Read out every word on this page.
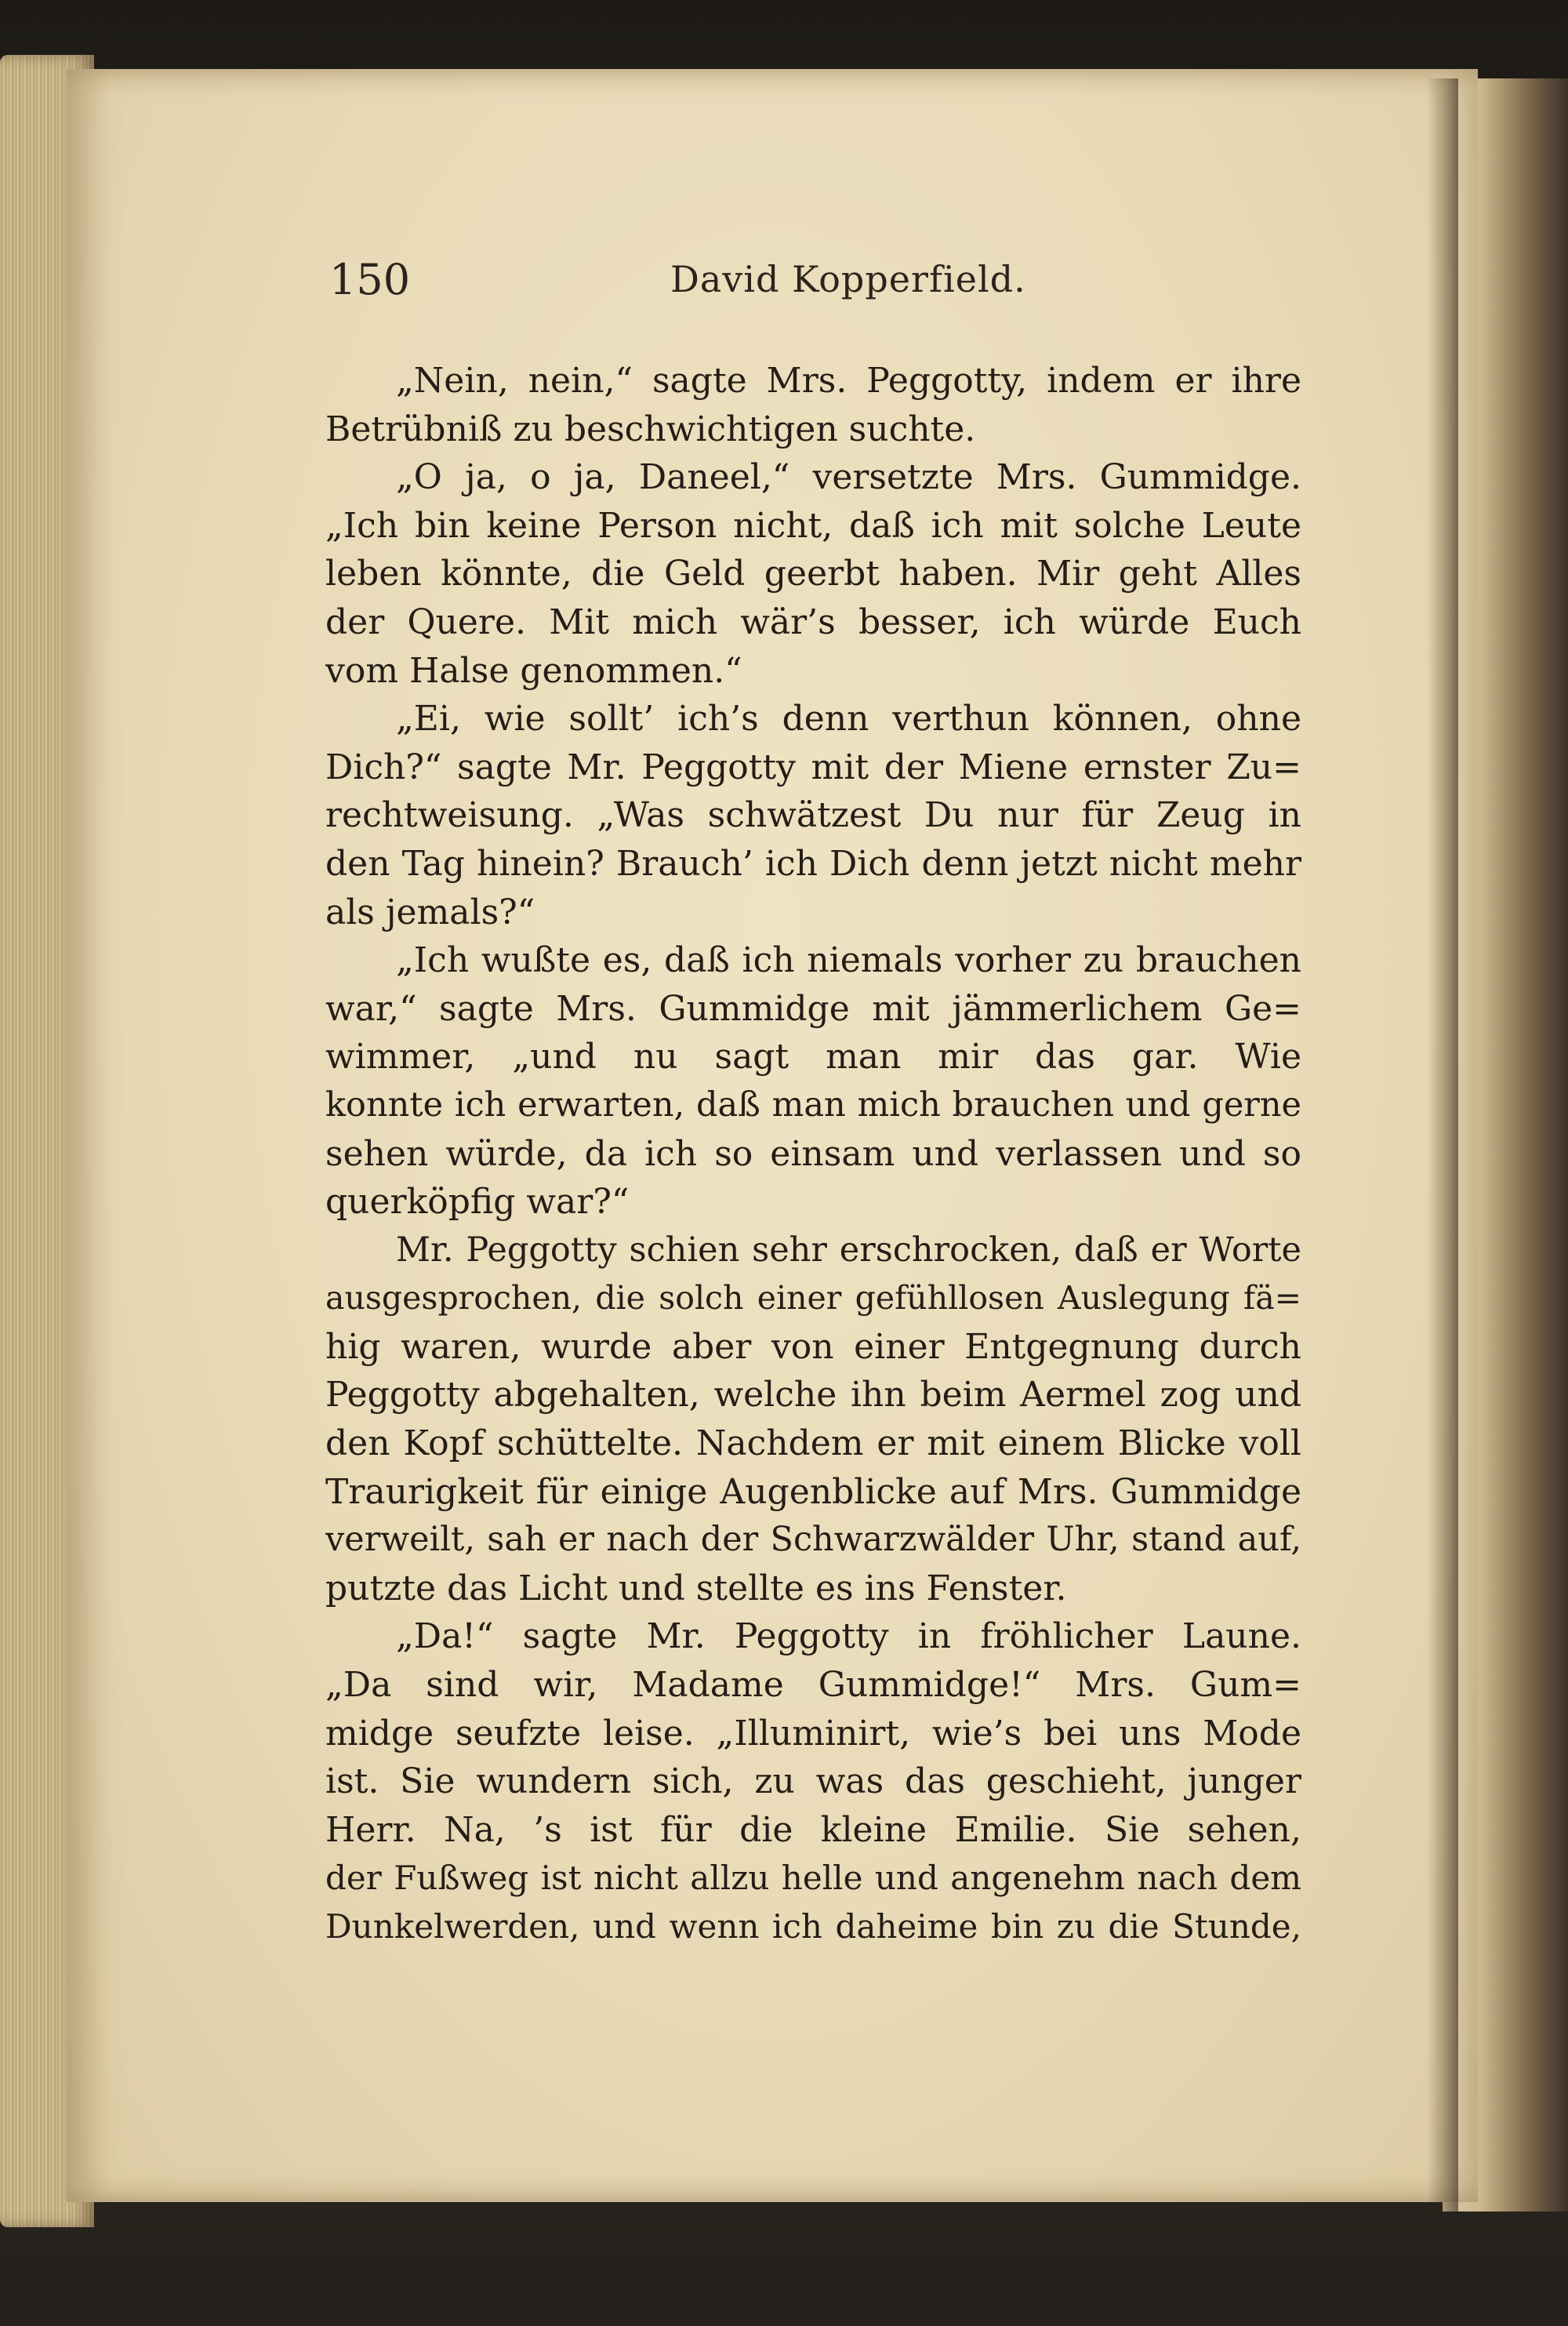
150	David Kopperfield.
„Nein, nein,“ sagte Mrs. Peggotty, indem er ihre
Betrübniß zu beschwichtigen suchte.
„O ja, o ja, Daneel,“ versetzte Mrs. Gummidge.
„Ich bin keine Person nicht, daß ich mit solche Leute
leben könnte, die Geld geerbt haben. Mir geht Alles
der Quere. Mit mich wär’s besser, ich würde Euch
vom Halse genommen.“
„Ei, wie sollt’ ich’s denn verthun können, ohne
Dich?“ sagte Mr. Peggotty mit der Miene ernster Zu=
rechtweisung. „Was schwätzest Du nur für Zeug in
den Tag hinein? Brauch’ ich Dich denn jetzt nicht mehr
als jemals?“
„Ich wußte es, daß ich niemals vorher zu brauchen
war,“ sagte Mrs. Gummidge mit jämmerlichem Ge=
wimmer, „und nu sagt man mir das gar. Wie
konnte ich erwarten, daß man mich brauchen und gerne
sehen würde, da ich so einsam und verlassen und so
querköpfig war?“
Mr. Peggotty schien sehr erschrocken, daß er Worte
ausgesprochen, die solch einer gefühllosen Auslegung fä=
hig waren, wurde aber von einer Entgegnung durch
Peggotty abgehalten, welche ihn beim Aermel zog und
den Kopf schüttelte. Nachdem er mit einem Blicke voll
Traurigkeit für einige Augenblicke auf Mrs. Gummidge
verweilt, sah er nach der Schwarzwälder Uhr, stand auf,
putzte das Licht und stellte es ins Fenster.
„Da!“ sagte Mr. Peggotty in fröhlicher Laune.
„Da sind wir, Madame Gummidge!“ Mrs. Gum=
midge seufzte leise. „Illuminirt, wie’s bei uns Mode
ist. Sie wundern sich, zu was das geschieht, junger
Herr. Na, ’s ist für die kleine Emilie. Sie sehen,
der Fußweg ist nicht allzu helle und angenehm nach dem
Dunkelwerden, und wenn ich daheime bin zu die Stunde,
